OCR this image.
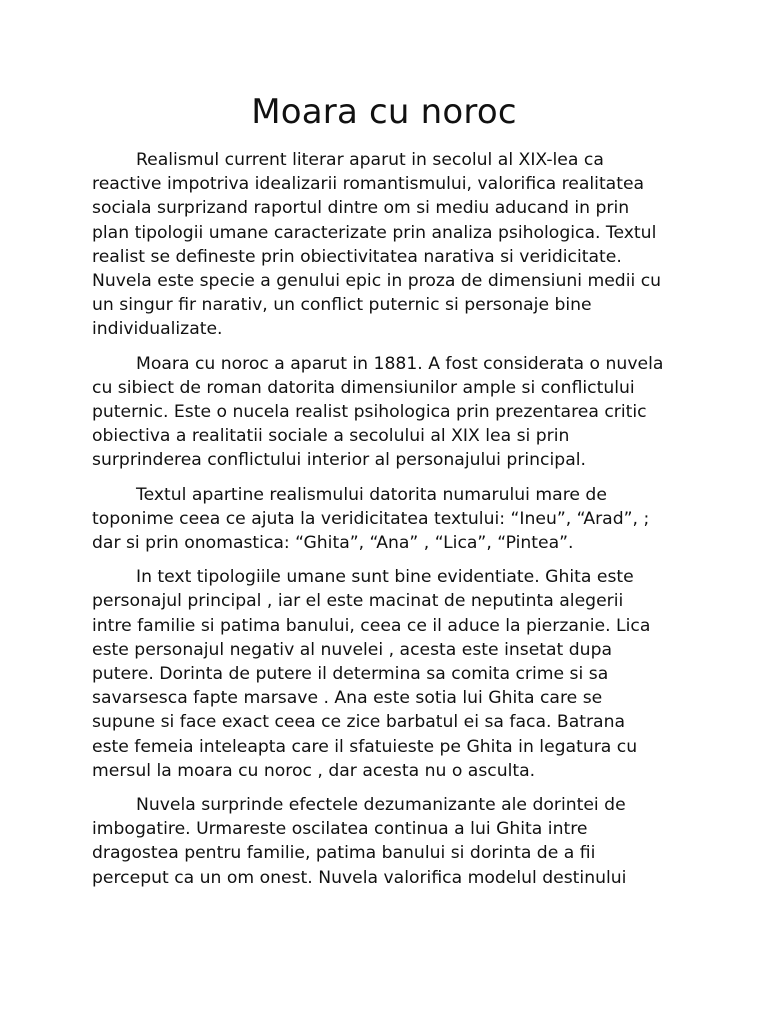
Moara cu noroc
Realismul current literar aparut in secolul al XIX-lea ca
reactive impotriva idealizarii romantismului, valorifica realitatea
sociala surprizand raportul dintre om si mediu aducand in prin
plan tipologii umane caracterizate prin analiza psihologica. Textul
realist se defineste prin obiectivitatea narativa si veridicitate.
Nuvela este specie a genului epic in proza de dimensiuni medii cu
un singur fir narativ, un conflict puternic si personaje bine
individualizate.
Moara cu noroc a aparut in 1881. A fost considerata o nuvela
cu sibiect de roman datorita dimensiunilor ample si conflictului
puternic. Este o nucela realist psihologica prin prezentarea critic
obiectiva a realitatii sociale a secolului al XIX lea si prin
surprinderea conflictului interior al personajului principal.
Textul apartine realismului datorita numarului mare de
toponime ceea ce ajuta la veridicitatea textului: “Ineu”, “Arad”, ;
dar si prin onomastica: “Ghita”, “Ana” , “Lica”, “Pintea”.
In text tipologiile umane sunt bine evidentiate. Ghita este
personajul principal , iar el este macinat de neputinta alegerii
intre familie si patima banului, ceea ce il aduce la pierzanie. Lica
este personajul negativ al nuvelei , acesta este insetat dupa
putere. Dorinta de putere il determina sa comita crime si sa
savarsesca fapte marsave . Ana este sotia lui Ghita care se
supune si face exact ceea ce zice barbatul ei sa faca. Batrana
este femeia inteleapta care il sfatuieste pe Ghita in legatura cu
mersul la moara cu noroc , dar acesta nu o asculta.
Nuvela surprinde efectele dezumanizante ale dorintei de
imbogatire. Urmareste oscilatea continua a lui Ghita intre
dragostea pentru familie, patima banului si dorinta de a fii
perceput ca un om onest. Nuvela valorifica modelul destinului
